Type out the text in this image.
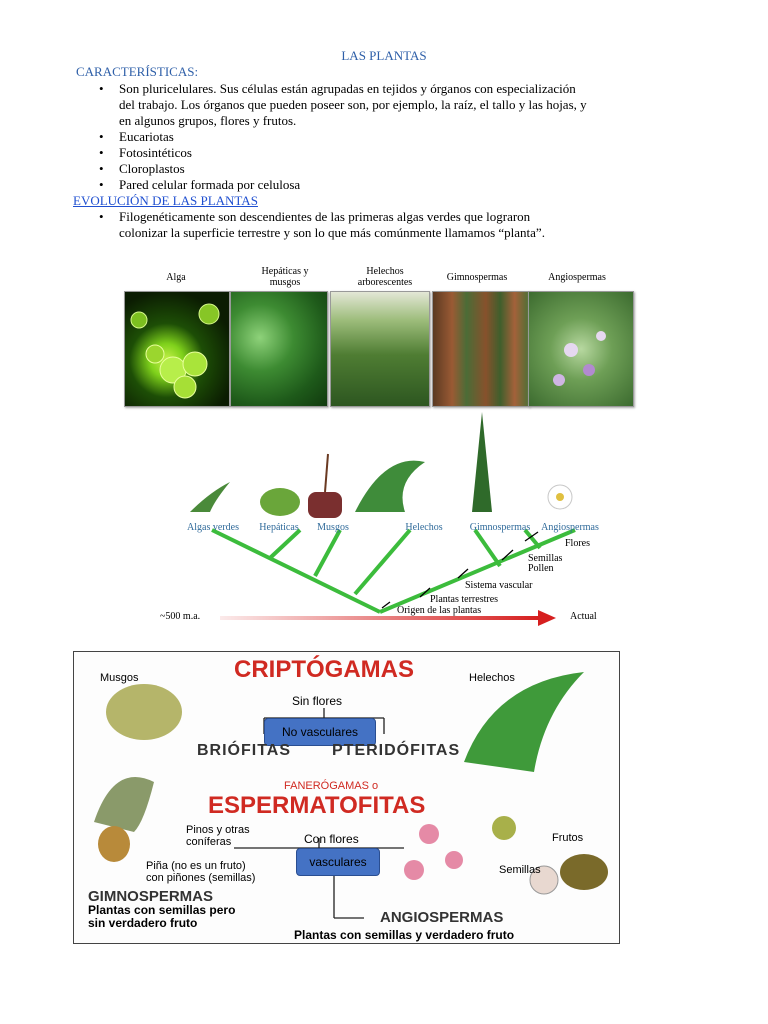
LAS PLANTAS
CARACTERÍSTICAS:
• Son pluricelulares. Sus células están agrupadas en tejidos y órganos con especialización
del trabajo. Los órganos que pueden poseer son, por ejemplo, la raíz, el tallo y las hojas, y
en algunos grupos, flores y frutos.
• Eucariotas
• Fotosintéticos
• Cloroplastos
• Pared celular formada por celulosa
EVOLUCIÓN DE LAS PLANTAS
• Filogenéticamente son descendientes de las primeras algas verdes que lograron
colonizar la superficie terrestre y son lo que más comúnmente llamamos “planta”.
Alga
Hepáticas y
musgos
Helechos
arborescentes	Gimnospermas	Angiospermas
Algas verdes	Hepáticas	Musgos	Helechos	Gimnospermas	Angiospermas
Flores
Semillas
Pollen
Sistema vascular
Plantas terrestres
Origen de las plantas
~500 m.a.	Actual
CRIPTÓGAMAS
Musgos	Helechos
Sin flores
No vasculares
BRIÓFITAS	PTERIDÓFITAS
FANERÓGAMAS o
ESPERMATOFITAS
Pinos y otras
coníferas
Piña (no es un fruto)
con piñones (semillas)
Con flores
vasculares
Frutos
Semillas
GIMNOSPERMAS
Plantas con semillas pero
sin verdadero fruto	ANGIOSPERMAS
Plantas con semillas y verdadero fruto
